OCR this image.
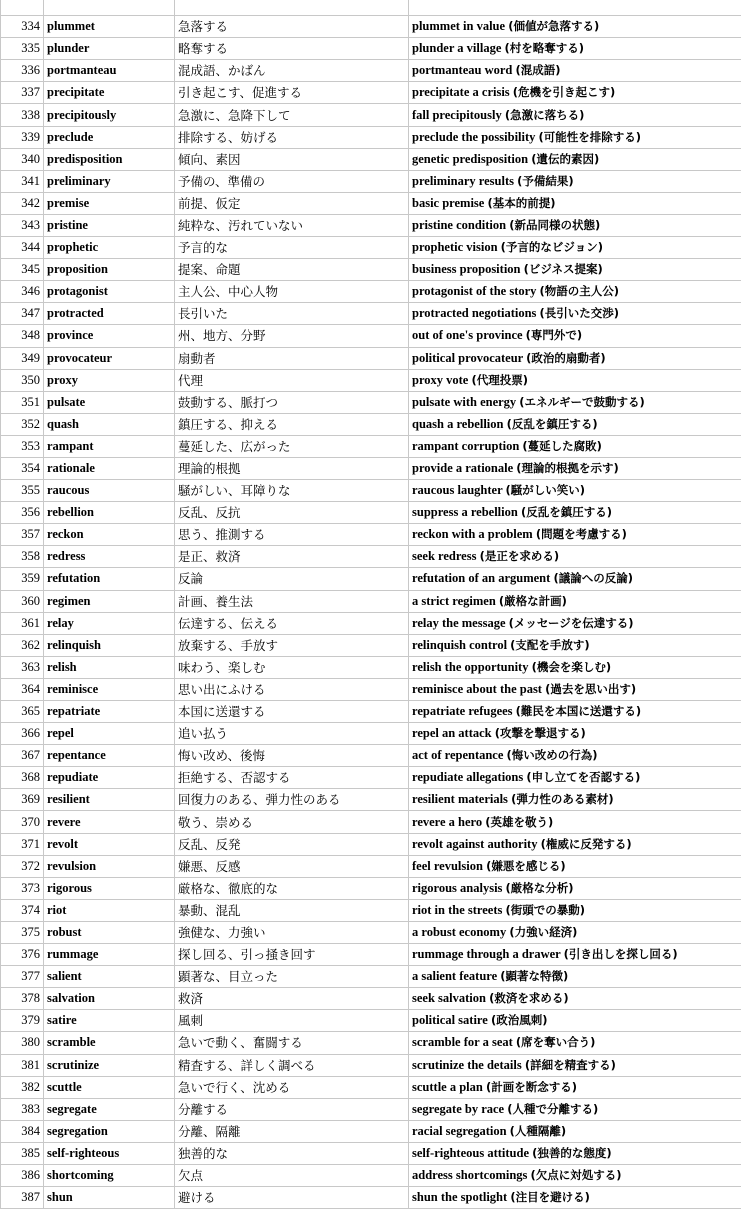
334	plummet	急落する	plummet in value (価値が急落する)
335	plunder	略奪する	plunder a village (村を略奪する)
336	portmanteau	混成語、かばん	portmanteau word (混成語)
337	precipitate	引き起こす、促進する	precipitate a crisis (危機を引き起こす)
338	precipitously	急激に、急降下して	fall precipitously (急激に落ちる)
339	preclude	排除する、妨げる	preclude the possibility (可能性を排除する)
340	predisposition	傾向、素因	genetic predisposition (遺伝的素因)
341	preliminary	予備の、準備の	preliminary results (予備結果)
342	premise	前提、仮定	basic premise (基本的前提)
343	pristine	純粋な、汚れていない	pristine condition (新品同様の状態)
344	prophetic	予言的な	prophetic vision (予言的なビジョン)
345	proposition	提案、命題	business proposition (ビジネス提案)
346	protagonist	主人公、中心人物	protagonist of the story (物語の主人公)
347	protracted	長引いた	protracted negotiations (長引いた交渉)
348	province	州、地方、分野	out of one's province (専門外で)
349	provocateur	扇動者	political provocateur (政治的扇動者)
350	proxy	代理	proxy vote (代理投票)
351	pulsate	鼓動する、脈打つ	pulsate with energy (エネルギーで鼓動する)
352	quash	鎮圧する、抑える	quash a rebellion (反乱を鎮圧する)
353	rampant	蔓延した、広がった	rampant corruption (蔓延した腐敗)
354	rationale	理論的根拠	provide a rationale (理論的根拠を示す)
355	raucous	騒がしい、耳障りな	raucous laughter (騒がしい笑い)
356	rebellion	反乱、反抗	suppress a rebellion (反乱を鎮圧する)
357	reckon	思う、推測する	reckon with a problem (問題を考慮する)
358	redress	是正、救済	seek redress (是正を求める)
359	refutation	反論	refutation of an argument (議論への反論)
360	regimen	計画、養生法	a strict regimen (厳格な計画)
361	relay	伝達する、伝える	relay the message (メッセージを伝達する)
362	relinquish	放棄する、手放す	relinquish control (支配を手放す)
363	relish	味わう、楽しむ	relish the opportunity (機会を楽しむ)
364	reminisce	思い出にふける	reminisce about the past (過去を思い出す)
365	repatriate	本国に送還する	repatriate refugees (難民を本国に送還する)
366	repel	追い払う	repel an attack (攻撃を撃退する)
367	repentance	悔い改め、後悔	act of repentance (悔い改めの行為)
368	repudiate	拒絶する、否認する	repudiate allegations (申し立てを否認する)
369	resilient	回復力のある、弾力性のある	resilient materials (弾力性のある素材)
370	revere	敬う、崇める	revere a hero (英雄を敬う)
371	revolt	反乱、反発	revolt against authority (権威に反発する)
372	revulsion	嫌悪、反感	feel revulsion (嫌悪を感じる)
373	rigorous	厳格な、徹底的な	rigorous analysis (厳格な分析)
374	riot	暴動、混乱	riot in the streets (街頭での暴動)
375	robust	強健な、力強い	a robust economy (力強い経済)
376	rummage	探し回る、引っ掻き回す	rummage through a drawer (引き出しを探し回る)
377	salient	顕著な、目立った	a salient feature (顕著な特徴)
378	salvation	救済	seek salvation (救済を求める)
379	satire	風刺	political satire (政治風刺)
380	scramble	急いで動く、奮闘する	scramble for a seat (席を奪い合う)
381	scrutinize	精査する、詳しく調べる	scrutinize the details (詳細を精査する)
382	scuttle	急いで行く、沈める	scuttle a plan (計画を断念する)
383	segregate	分離する	segregate by race (人種で分離する)
384	segregation	分離、隔離	racial segregation (人種隔離)
385	self-righteous	独善的な	self-righteous attitude (独善的な態度)
386	shortcoming	欠点	address shortcomings (欠点に対処する)
387	shun	避ける	shun the spotlight (注目を避ける)
